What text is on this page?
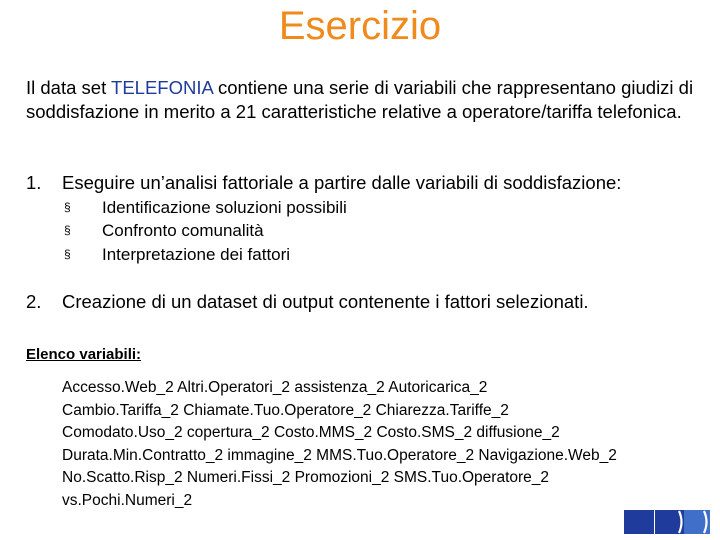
Esercizio
Il data set TELEFONIA contiene una serie di variabili che rappresentano giudizi di soddisfazione in merito a 21 caratteristiche relative a operatore/tariffa telefonica.
1. Eseguire un’analisi fattoriale a partire dalle variabili di soddisfazione:
§ Identificazione soluzioni possibili
§ Confronto comunalità
§ Interpretazione dei fattori
2. Creazione di un dataset di output contenente i fattori selezionati.
Elenco variabili:
Accesso.Web_2 Altri.Operatori_2 assistenza_2 Autoricarica_2
Cambio.Tariffa_2 Chiamate.Tuo.Operatore_2 Chiarezza.Tariffe_2
Comodato.Uso_2 copertura_2 Costo.MMS_2 Costo.SMS_2 diffusione_2
Durata.Min.Contratto_2 immagine_2 MMS.Tuo.Operatore_2 Navigazione.Web_2
No.Scatto.Risp_2 Numeri.Fissi_2 Promozioni_2 SMS.Tuo.Operatore_2
vs.Pochi.Numeri_2
